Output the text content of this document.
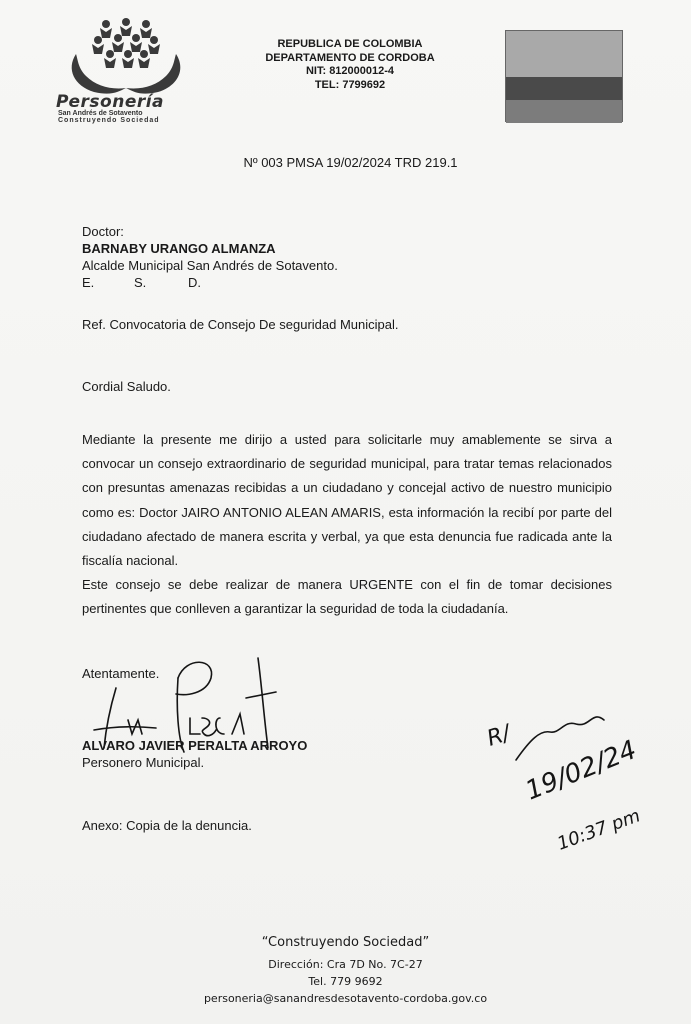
Personería
San Andrés de Sotavento
Construyendo Sociedad
REPUBLICA DE COLOMBIA
DEPARTAMENTO DE CORDOBA
NIT: 812000012-4
TEL: 7799692
Nº 003 PMSA 19/02/2024 TRD 219.1
Doctor:
BARNABY URANGO ALMANZA
Alcalde Municipal San Andrés de Sotavento.
E.	S.	D.
Ref. Convocatoria de Consejo De seguridad Municipal.
Cordial Saludo.

Mediante la presente me dirijo a usted para solicitarle muy amablemente se sirva a convocar un consejo extraordinario de seguridad municipal, para tratar temas relacionados con presuntas amenazas recibidas a un ciudadano y concejal activo de nuestro municipio como es: Doctor JAIRO ANTONIO ALEAN AMARIS, esta información la recibí por parte del ciudadano afectado de manera escrita y verbal, ya que esta denuncia fue radicada ante la fiscalía nacional.

Este consejo se debe realizar de manera URGENTE con el fin de tomar decisiones pertinentes que conlleven a garantizar la seguridad de toda la ciudadanía.

Atentamente.
ALVARO JAVIER PERALTA ARROYO
Personero Municipal.
R/ 19/02/24
10:37 pm
Anexo: Copia de la denuncia.
“Construyendo Sociedad”
Dirección: Cra 7D No. 7C-27
Tel. 779 9692
personeria@sanandresdesotavento-cordoba.gov.co
